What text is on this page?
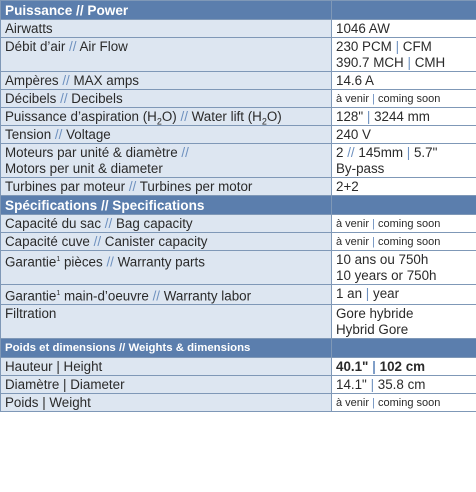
Puissance // Power	
Airwatts	1046 AW
Débit d’air // Air Flow	230 PCM | CFM
390.7 MCH | CMH
Ampères // MAX amps	14.6 A
Décibels // Decibels	à venir | coming soon
Puissance d’aspiration $(H_2O)$ // Water lift $(H_2O)$	128" | 3244 mm
Tension // Voltage	240 V
Moteurs par unité & diamètre //
Motors per unit & diameter	2 // 145mm | 5.7"
By-pass
Turbines par moteur // Turbines per motor	2+2
Spécifications // Specifications	
Capacité du sac // Bag capacity	à venir | coming soon
Capacité cuve // Canister capacity	à venir | coming soon
Garantie$^1$ pièces // Warranty parts	10 ans ou 750h
10 years or 750h
Garantie$^1$ main-d’oeuvre // Warranty labor	1 an | year
Filtration	Gore hybride
Hybrid Gore
Poids et dimensions // Weights & dimensions	
Hauteur | Height	40.1" | 102 cm
Diamètre | Diameter	14.1" | 35.8 cm
Poids | Weight	à venir | coming soon
